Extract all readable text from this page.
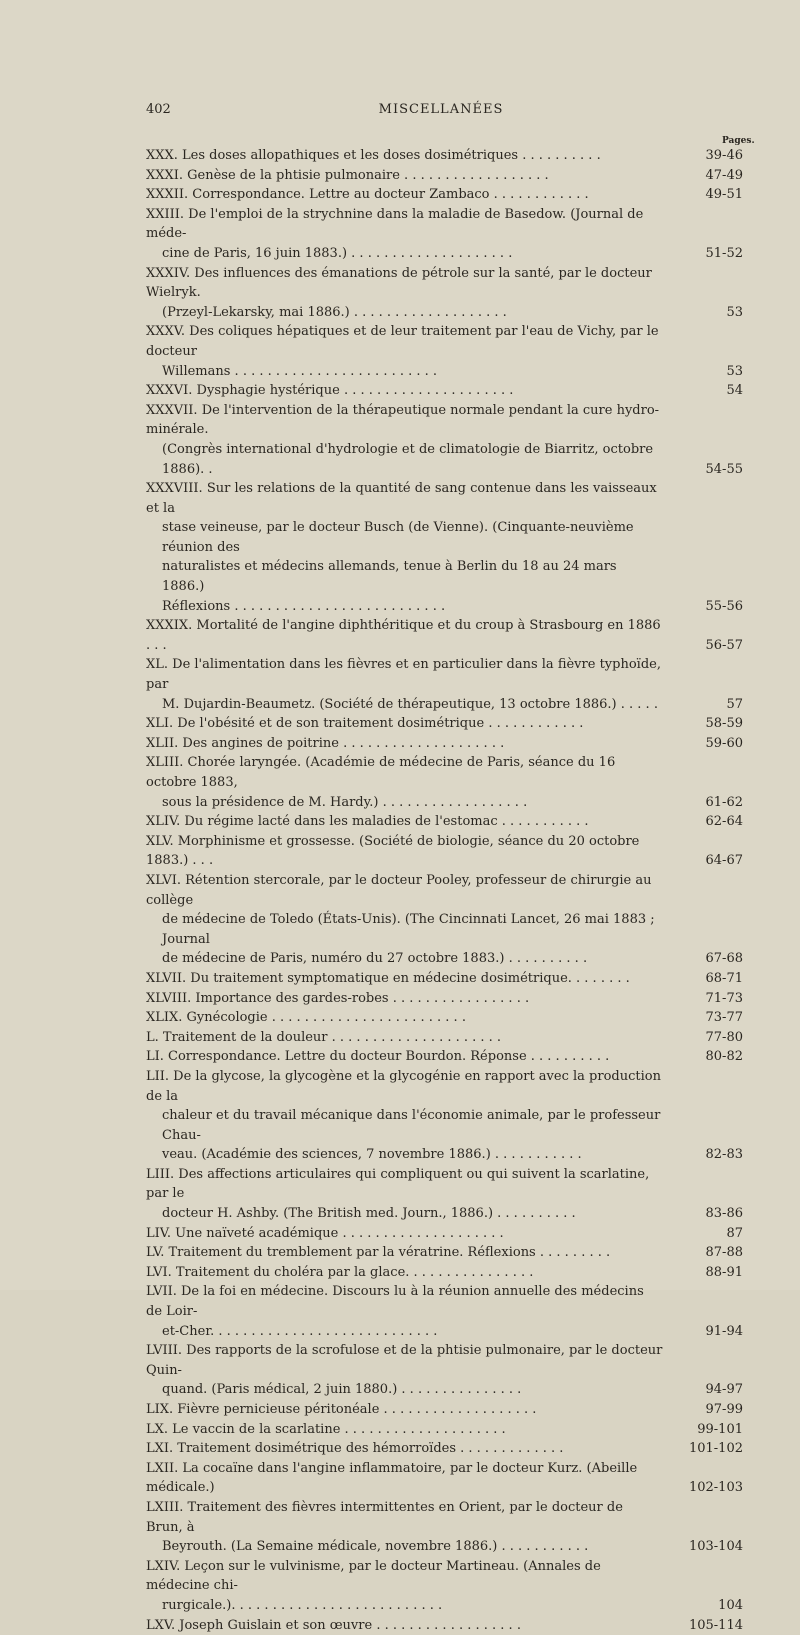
402	MISCELLANÉES
Pages.
XXX. Les doses allopathiques et les doses dosimétriques . . . . . . . . . .	39-46
XXXI. Genèse de la phtisie pulmonaire . . . . . . . . . . . . . . . . . .	47-49
XXXII. Correspondance. Lettre au docteur Zambaco . . . . . . . . . . . .	49-51
XXIII. De l'emploi de la strychnine dans la maladie de Basedow. (Journal de méde-
cine de Paris, 16 juin 1883.) . . . . . . . . . . . . . . . . . . . .	51-52
XXXIV. Des influences des émanations de pétrole sur la santé, par le docteur Wielryk.
(Przeyl-Lekarsky, mai 1886.) . . . . . . . . . . . . . . . . . . .	53
XXXV. Des coliques hépatiques et de leur traitement par l'eau de Vichy, par le docteur
Willemans . . . . . . . . . . . . . . . . . . . . . . . . .	53
XXXVI. Dysphagie hystérique . . . . . . . . . . . . . . . . . . . . .	54
XXXVII. De l'intervention de la thérapeutique normale pendant la cure hydro-minérale.
(Congrès international d'hydrologie et de climatologie de Biarritz, octobre 1886). .	54-55
XXXVIII. Sur les relations de la quantité de sang contenue dans les vaisseaux et la
stase veineuse, par le docteur Busch (de Vienne). (Cinquante-neuvième réunion des
naturalistes et médecins allemands, tenue à Berlin du 18 au 24 mars 1886.)
Réflexions . . . . . . . . . . . . . . . . . . . . . . . . . .	55-56
XXXIX. Mortalité de l'angine diphthéritique et du croup à Strasbourg en 1886 . . .	56-57
XL. De l'alimentation dans les fièvres et en particulier dans la fièvre typhoïde, par
M. Dujardin-Beaumetz. (Société de thérapeutique, 13 octobre 1886.) . . . . .	57
XLI. De l'obésité et de son traitement dosimétrique . . . . . . . . . . . .	58-59
XLII. Des angines de poitrine . . . . . . . . . . . . . . . . . . . .	59-60
XLIII. Chorée laryngée. (Académie de médecine de Paris, séance du 16 octobre 1883,
sous la présidence de M. Hardy.) . . . . . . . . . . . . . . . . . .	61-62
XLIV. Du régime lacté dans les maladies de l'estomac . . . . . . . . . . .	62-64
XLV. Morphinisme et grossesse. (Société de biologie, séance du 20 octobre 1883.) . . .	64-67
XLVI. Rétention stercorale, par le docteur Pooley, professeur de chirurgie au collège
de médecine de Toledo (États-Unis). (The Cincinnati Lancet, 26 mai 1883 ; Journal
de médecine de Paris, numéro du 27 octobre 1883.) . . . . . . . . . .	67-68
XLVII. Du traitement symptomatique en médecine dosimétrique. . . . . . . .	68-71
XLVIII. Importance des gardes-robes . . . . . . . . . . . . . . . . .	71-73
XLIX. Gynécologie . . . . . . . . . . . . . . . . . . . . . . . .	73-77
L. Traitement de la douleur . . . . . . . . . . . . . . . . . . . . .	77-80
LI. Correspondance. Lettre du docteur Bourdon. Réponse . . . . . . . . . .	80-82
LII. De la glycose, la glycogène et la glycogénie en rapport avec la production de la
chaleur et du travail mécanique dans l'économie animale, par le professeur Chau-
veau. (Académie des sciences, 7 novembre 1886.) . . . . . . . . . . .	82-83
LIII. Des affections articulaires qui compliquent ou qui suivent la scarlatine, par le
docteur H. Ashby. (The British med. Journ., 1886.) . . . . . . . . . .	83-86
LIV. Une naïveté académique . . . . . . . . . . . . . . . . . . . .	87
LV. Traitement du tremblement par la vératrine. Réflexions . . . . . . . . .	87-88
LVI. Traitement du choléra par la glace. . . . . . . . . . . . . . . .	88-91
LVII. De la foi en médecine. Discours lu à la réunion annuelle des médecins de Loir-
et-Cher. . . . . . . . . . . . . . . . . . . . . . . . . . . .	91-94
LVIII. Des rapports de la scrofulose et de la phtisie pulmonaire, par le docteur Quin-
quand. (Paris médical, 2 juin 1880.) . . . . . . . . . . . . . . .	94-97
LIX. Fièvre pernicieuse péritonéale . . . . . . . . . . . . . . . . . . .	97-99
LX. Le vaccin de la scarlatine . . . . . . . . . . . . . . . . . . . .	99-101
LXI. Traitement dosimétrique des hémorroïdes . . . . . . . . . . . . .	101-102
LXII. La cocaïne dans l'angine inflammatoire, par le docteur Kurz. (Abeille médicale.)	102-103
LXIII. Traitement des fièvres intermittentes en Orient, par le docteur de Brun, à
Beyrouth. (La Semaine médicale, novembre 1886.) . . . . . . . . . . .	103-104
LXIV. Leçon sur le vulvinisme, par le docteur Martineau. (Annales de médecine chi-
rurgicale.). . . . . . . . . . . . . . . . . . . . . . . . . .	104
LXV. Joseph Guislain et son œuvre . . . . . . . . . . . . . . . . . .	105-114
